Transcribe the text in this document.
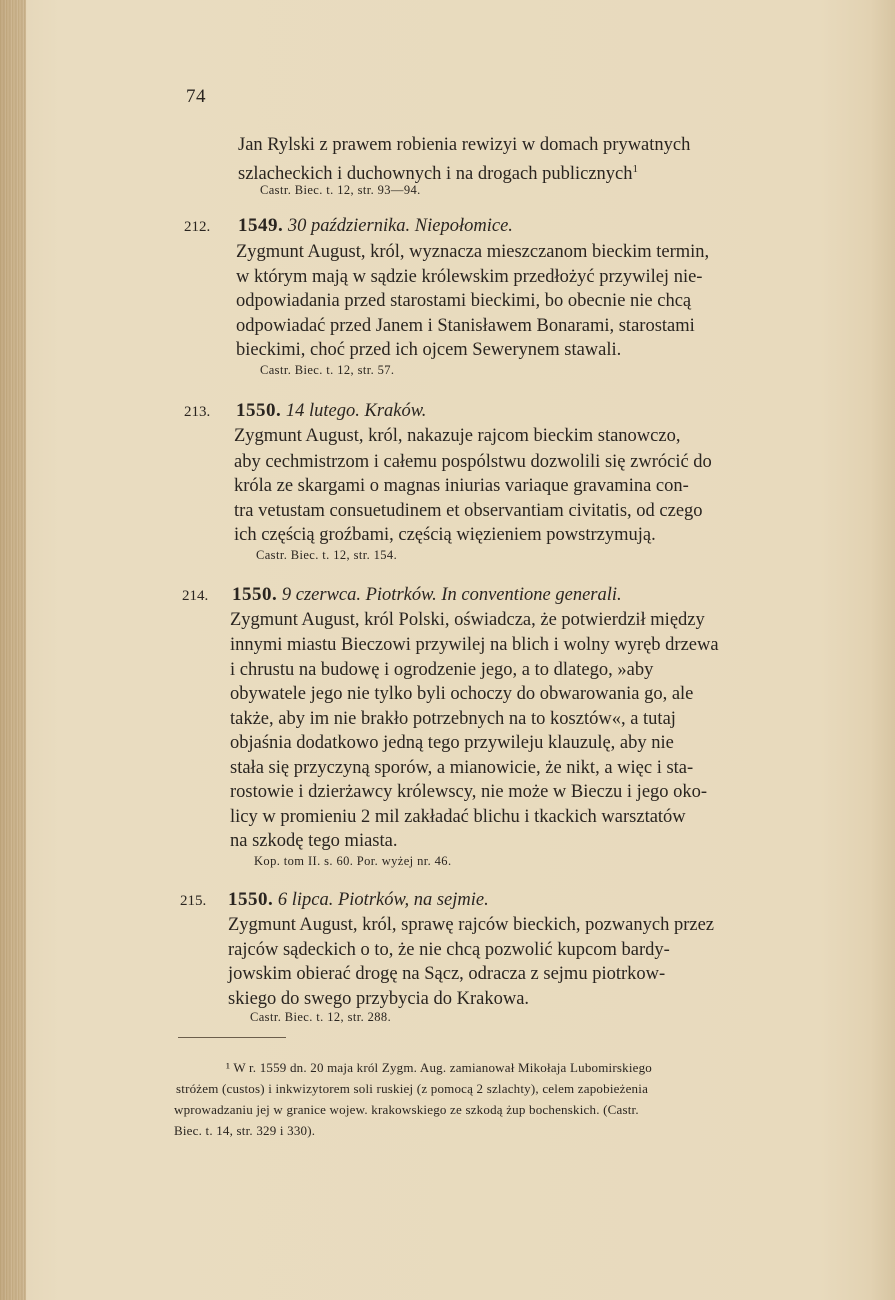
74
Jan Rylski z prawem robienia rewizyi w domach prywatnych
szlacheckich i duchownych i na drogach publicznych$^1$
Castr. Biec. t. 12, str. 93—94.
212. 1549. 30 października. Niepołomice.
Zygmunt August, król, wyznacza mieszczanom bieckim termin,
w którym mają w sądzie królewskim przedłożyć przywilej nie-
odpowiadania przed starostami bieckimi, bo obecnie nie chcą
odpowiadać przed Janem i Stanisławem Bonarami, starostami
bieckimi, choć przed ich ojcem Sewerynem stawali.
Castr. Biec. t. 12, str. 57.
213. 1550. 14 lutego. Kraków.
Zygmunt August, król, nakazuje rajcom bieckim stanowczo,
aby cechmistrzom i całemu pospólstwu dozwolili się zwrócić do
króla ze skargami o magnas iniurias variaque gravamina con-
tra vetustam consuetudinem et observantiam civitatis, od czego
ich częścią groźbami, częścią więzieniem powstrzymują.
Castr. Biec. t. 12, str. 154.
214. 1550. 9 czerwca. Piotrków. In conventione generali.
Zygmunt August, król Polski, oświadcza, że potwierdził między
innymi miastu Bieczowi przywilej na blich i wolny wyręb drzewa
i chrustu na budowę i ogrodzenie jego, a to dlatego, »aby
obywatele jego nie tylko byli ochoczy do obwarowania go, ale
także, aby im nie brakło potrzebnych na to kosztów«, a tutaj
objaśnia dodatkowo jedną tego przywileju klauzulę, aby nie
stała się przyczyną sporów, a mianowicie, że nikt, a więc i sta-
rostowie i dzierżawcy królewscy, nie może w Bieczu i jego oko-
licy w promieniu 2 mil zakładać blichu i tkackich warsztatów
na szkodę tego miasta.
Kop. tom II. s. 60. Por. wyżej nr. 46.
215. 1550. 6 lipca. Piotrków, na sejmie.
Zygmunt August, król, sprawę rajców bieckich, pozwanych przez
rajców sądeckich o to, że nie chcą pozwolić kupcom bardy-
jowskim obierać drogę na Sącz, odracza z sejmu piotrkow-
skiego do swego przybycia do Krakowa.
Castr. Biec. t. 12, str. 288.
¹ W r. 1559 dn. 20 maja król Zygm. Aug. zamianował Mikołaja Lubomirskiego
stróżem (custos) i inkwizytorem soli ruskiej (z pomocą 2 szlachty), celem zapobieżenia
wprowadzaniu jej w granice wojew. krakowskiego ze szkodą żup bochenskich. (Castr.
Biec. t. 14, str. 329 i 330).
